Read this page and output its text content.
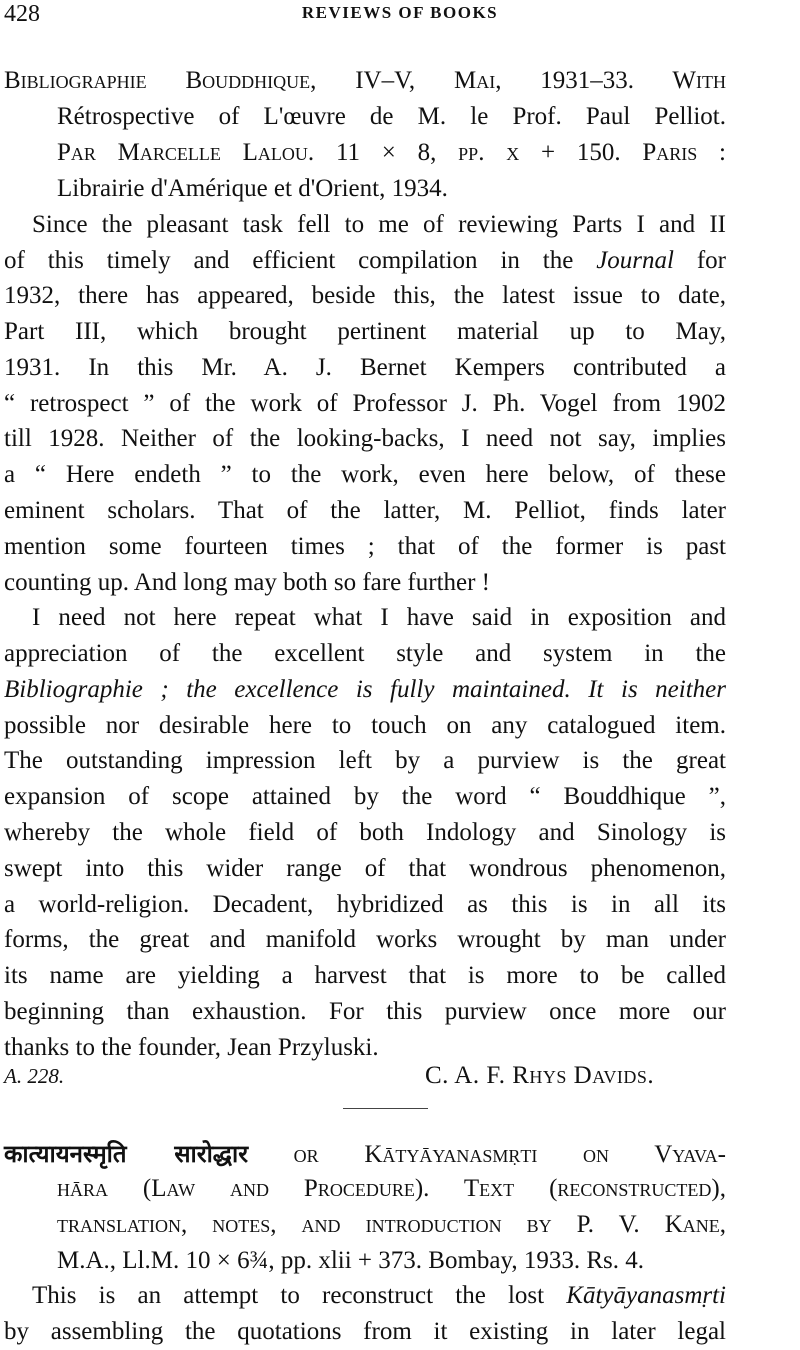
428	REVIEWS OF BOOKS
Bibliographie Bouddhique, IV–V, Mai, 1931–33. With
Rétrospective of L'œuvre de M. le Prof. Paul Pelliot.
Par Marcelle Lalou. 11 × 8, pp. x + 150. Paris :
Librairie d'Amérique et d'Orient, 1934.
Since the pleasant task fell to me of reviewing Parts I and II
of this timely and efficient compilation in the Journal for
1932, there has appeared, beside this, the latest issue to date,
Part III, which brought pertinent material up to May,
1931. In this Mr. A. J. Bernet Kempers contributed a
“ retrospect ” of the work of Professor J. Ph. Vogel from 1902
till 1928. Neither of the looking-backs, I need not say, implies
a “ Here endeth ” to the work, even here below, of these
eminent scholars. That of the latter, M. Pelliot, finds later
mention some fourteen times ; that of the former is past
counting up. And long may both so fare further !
I need not here repeat what I have said in exposition and
appreciation of the excellent style and system in the
Bibliographie ; the excellence is fully maintained. It is neither
possible nor desirable here to touch on any catalogued item.
The outstanding impression left by a purview is the great
expansion of scope attained by the word “ Bouddhique ”,
whereby the whole field of both Indology and Sinology is
swept into this wider range of that wondrous phenomenon,
a world-religion. Decadent, hybridized as this is in all its
forms, the great and manifold works wrought by man under
its name are yielding a harvest that is more to be called
beginning than exhaustion. For this purview once more our
thanks to the founder, Jean Przyluski.
A. 228.	C. A. F. Rhys Davids.
कात्यायनस्मृति सारोद्धार or Kātyāyanasmṛti on Vyava-
hāra (Law and Procedure). Text (reconstructed),
translation, notes, and introduction by P. V. Kane,
M.A., Ll.M. 10 × 6¾, pp. xlii + 373. Bombay, 1933. Rs. 4.
This is an attempt to reconstruct the lost Kātyāyanasmṛti
by assembling the quotations from it existing in later legal
